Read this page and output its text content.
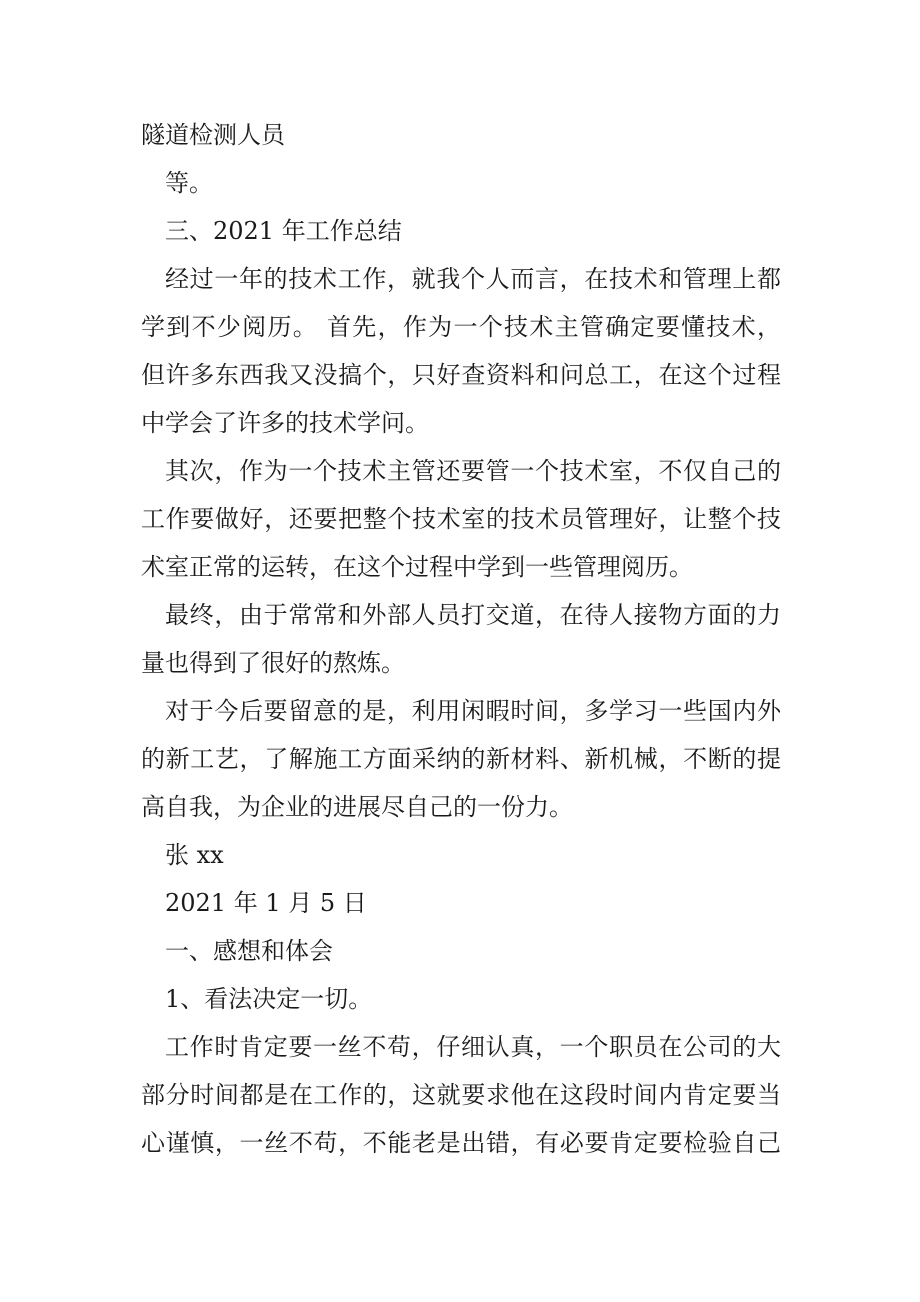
隧道检测人员
等。
三、2021 年工作总结
经过一年的技术工作，就我个人而言，在技术和管理上都
学到不少阅历。 首先，作为一个技术主管确定要懂技术，
但许多东西我又没搞个，只好查资料和问总工，在这个过程
中学会了许多的技术学问。
其次，作为一个技术主管还要管一个技术室，不仅自己的
工作要做好，还要把整个技术室的技术员管理好，让整个技
术室正常的运转，在这个过程中学到一些管理阅历。
最终，由于常常和外部人员打交道，在待人接物方面的力
量也得到了很好的熬炼。
对于今后要留意的是，利用闲暇时间，多学习一些国内外
的新工艺，了解施工方面采纳的新材料、新机械，不断的提
高自我，为企业的进展尽自己的一份力。
张 xx
2021 年 1 月 5 日
一、感想和体会
1、看法决定一切。
工作时肯定要一丝不苟，仔细认真，一个职员在公司的大
部分时间都是在工作的，这就要求他在这段时间内肯定要当
心谨慎，一丝不苟，不能老是出错，有必要肯定要检验自己
